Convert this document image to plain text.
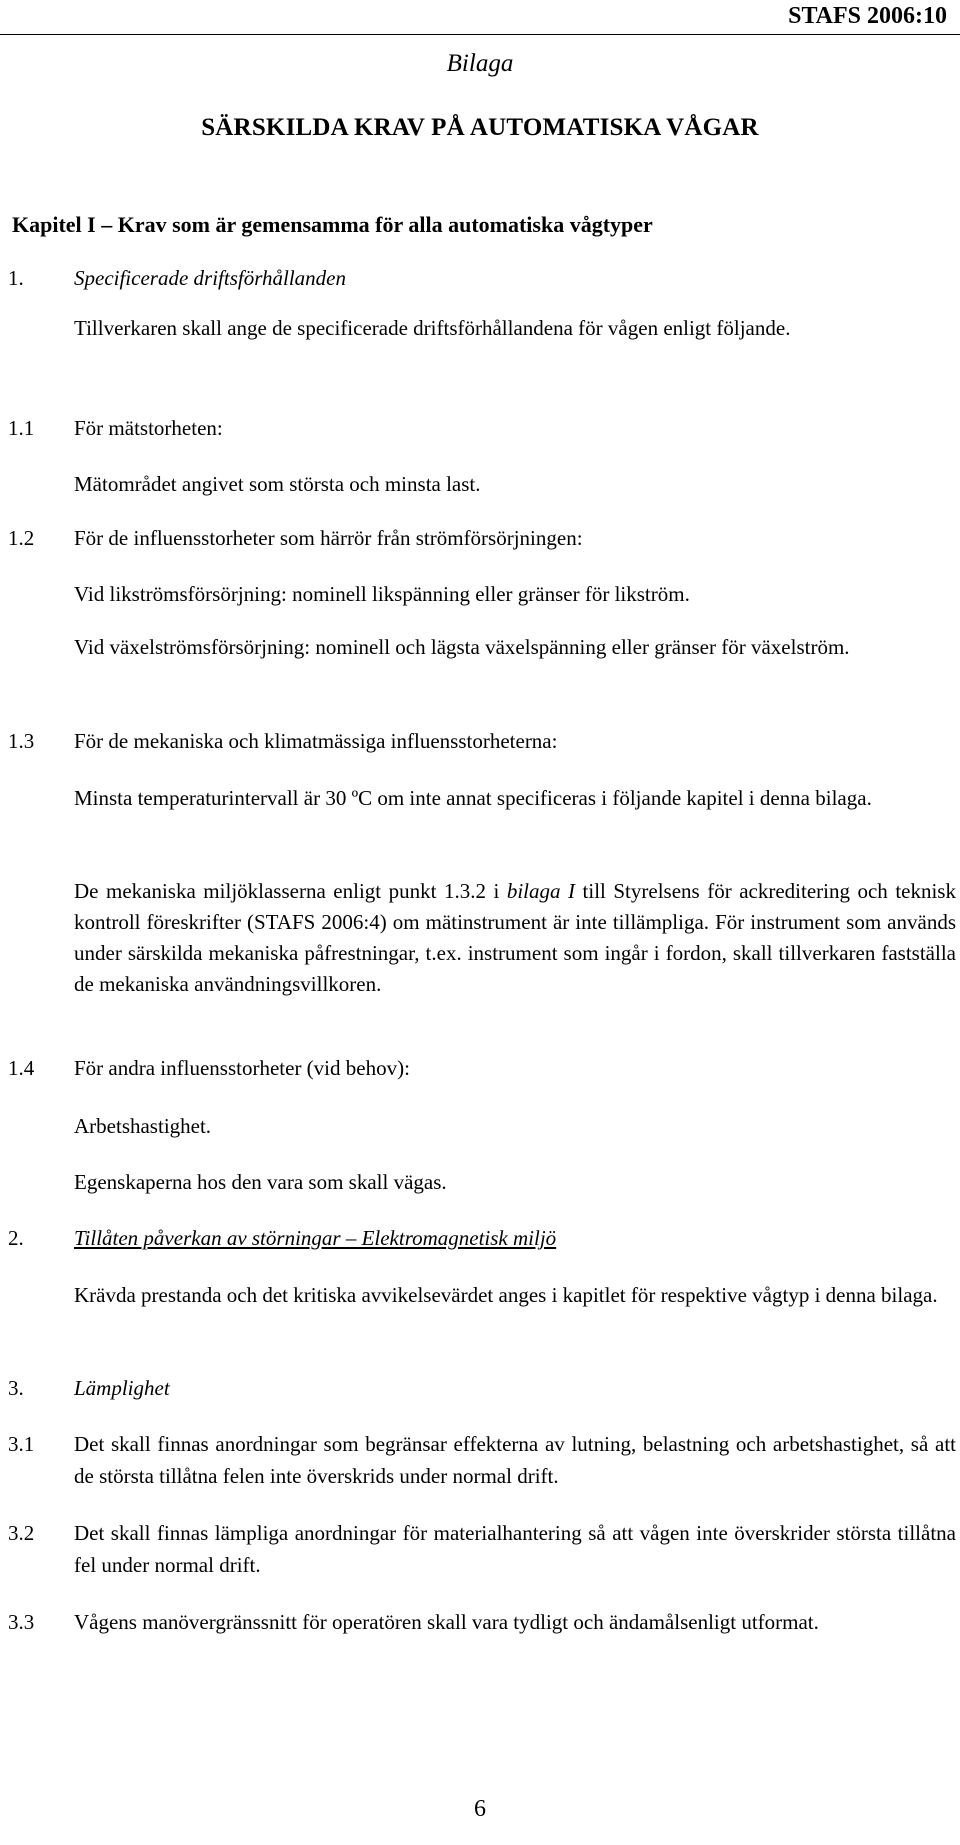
STAFS 2006:10
Bilaga
SÄRSKILDA KRAV PÅ AUTOMATISKA VÅGAR
Kapitel I – Krav som är gemensamma för alla automatiska vågtyper
1. Specificerade driftsförhållanden
Tillverkaren skall ange de specificerade driftsförhållandena för vågen enligt följande.
1.1 För mätstorheten:
Mätområdet angivet som största och minsta last.
1.2 För de influensstorheter som härrör från strömförsörjningen:
Vid likströmsförsörjning: nominell likspänning eller gränser för likström.
Vid växelströmsförsörjning: nominell och lägsta växelspänning eller gränser för växelström.
1.3 För de mekaniska och klimatmässiga influensstorheterna:
Minsta temperaturintervall är 30 ºC om inte annat specificeras i följande kapitel i denna bilaga.
De mekaniska miljöklasserna enligt punkt 1.3.2 i bilaga I till Styrelsens för ackreditering och teknisk kontroll föreskrifter (STAFS 2006:4) om mätinstrument är inte tillämpliga. För instrument som används under särskilda mekaniska påfrestningar, t.ex. instrument som ingår i fordon, skall tillverkaren fastställa de mekaniska användningsvillkoren.
1.4 För andra influensstorheter (vid behov):
Arbetshastighet.
Egenskaperna hos den vara som skall vägas.
2. Tillåten påverkan av störningar – Elektromagnetisk miljö
Krävda prestanda och det kritiska avvikelsevärdet anges i kapitlet för respektive vågtyp i denna bilaga.
3. Lämplighet
3.1 Det skall finnas anordningar som begränsar effekterna av lutning, belastning och arbetshastighet, så att de största tillåtna felen inte överskrids under normal drift.
3.2 Det skall finnas lämpliga anordningar för materialhantering så att vågen inte överskrider största tillåtna fel under normal drift.
3.3 Vågens manövergränssnitt för operatören skall vara tydligt och ändamålsenligt utformat.
6
